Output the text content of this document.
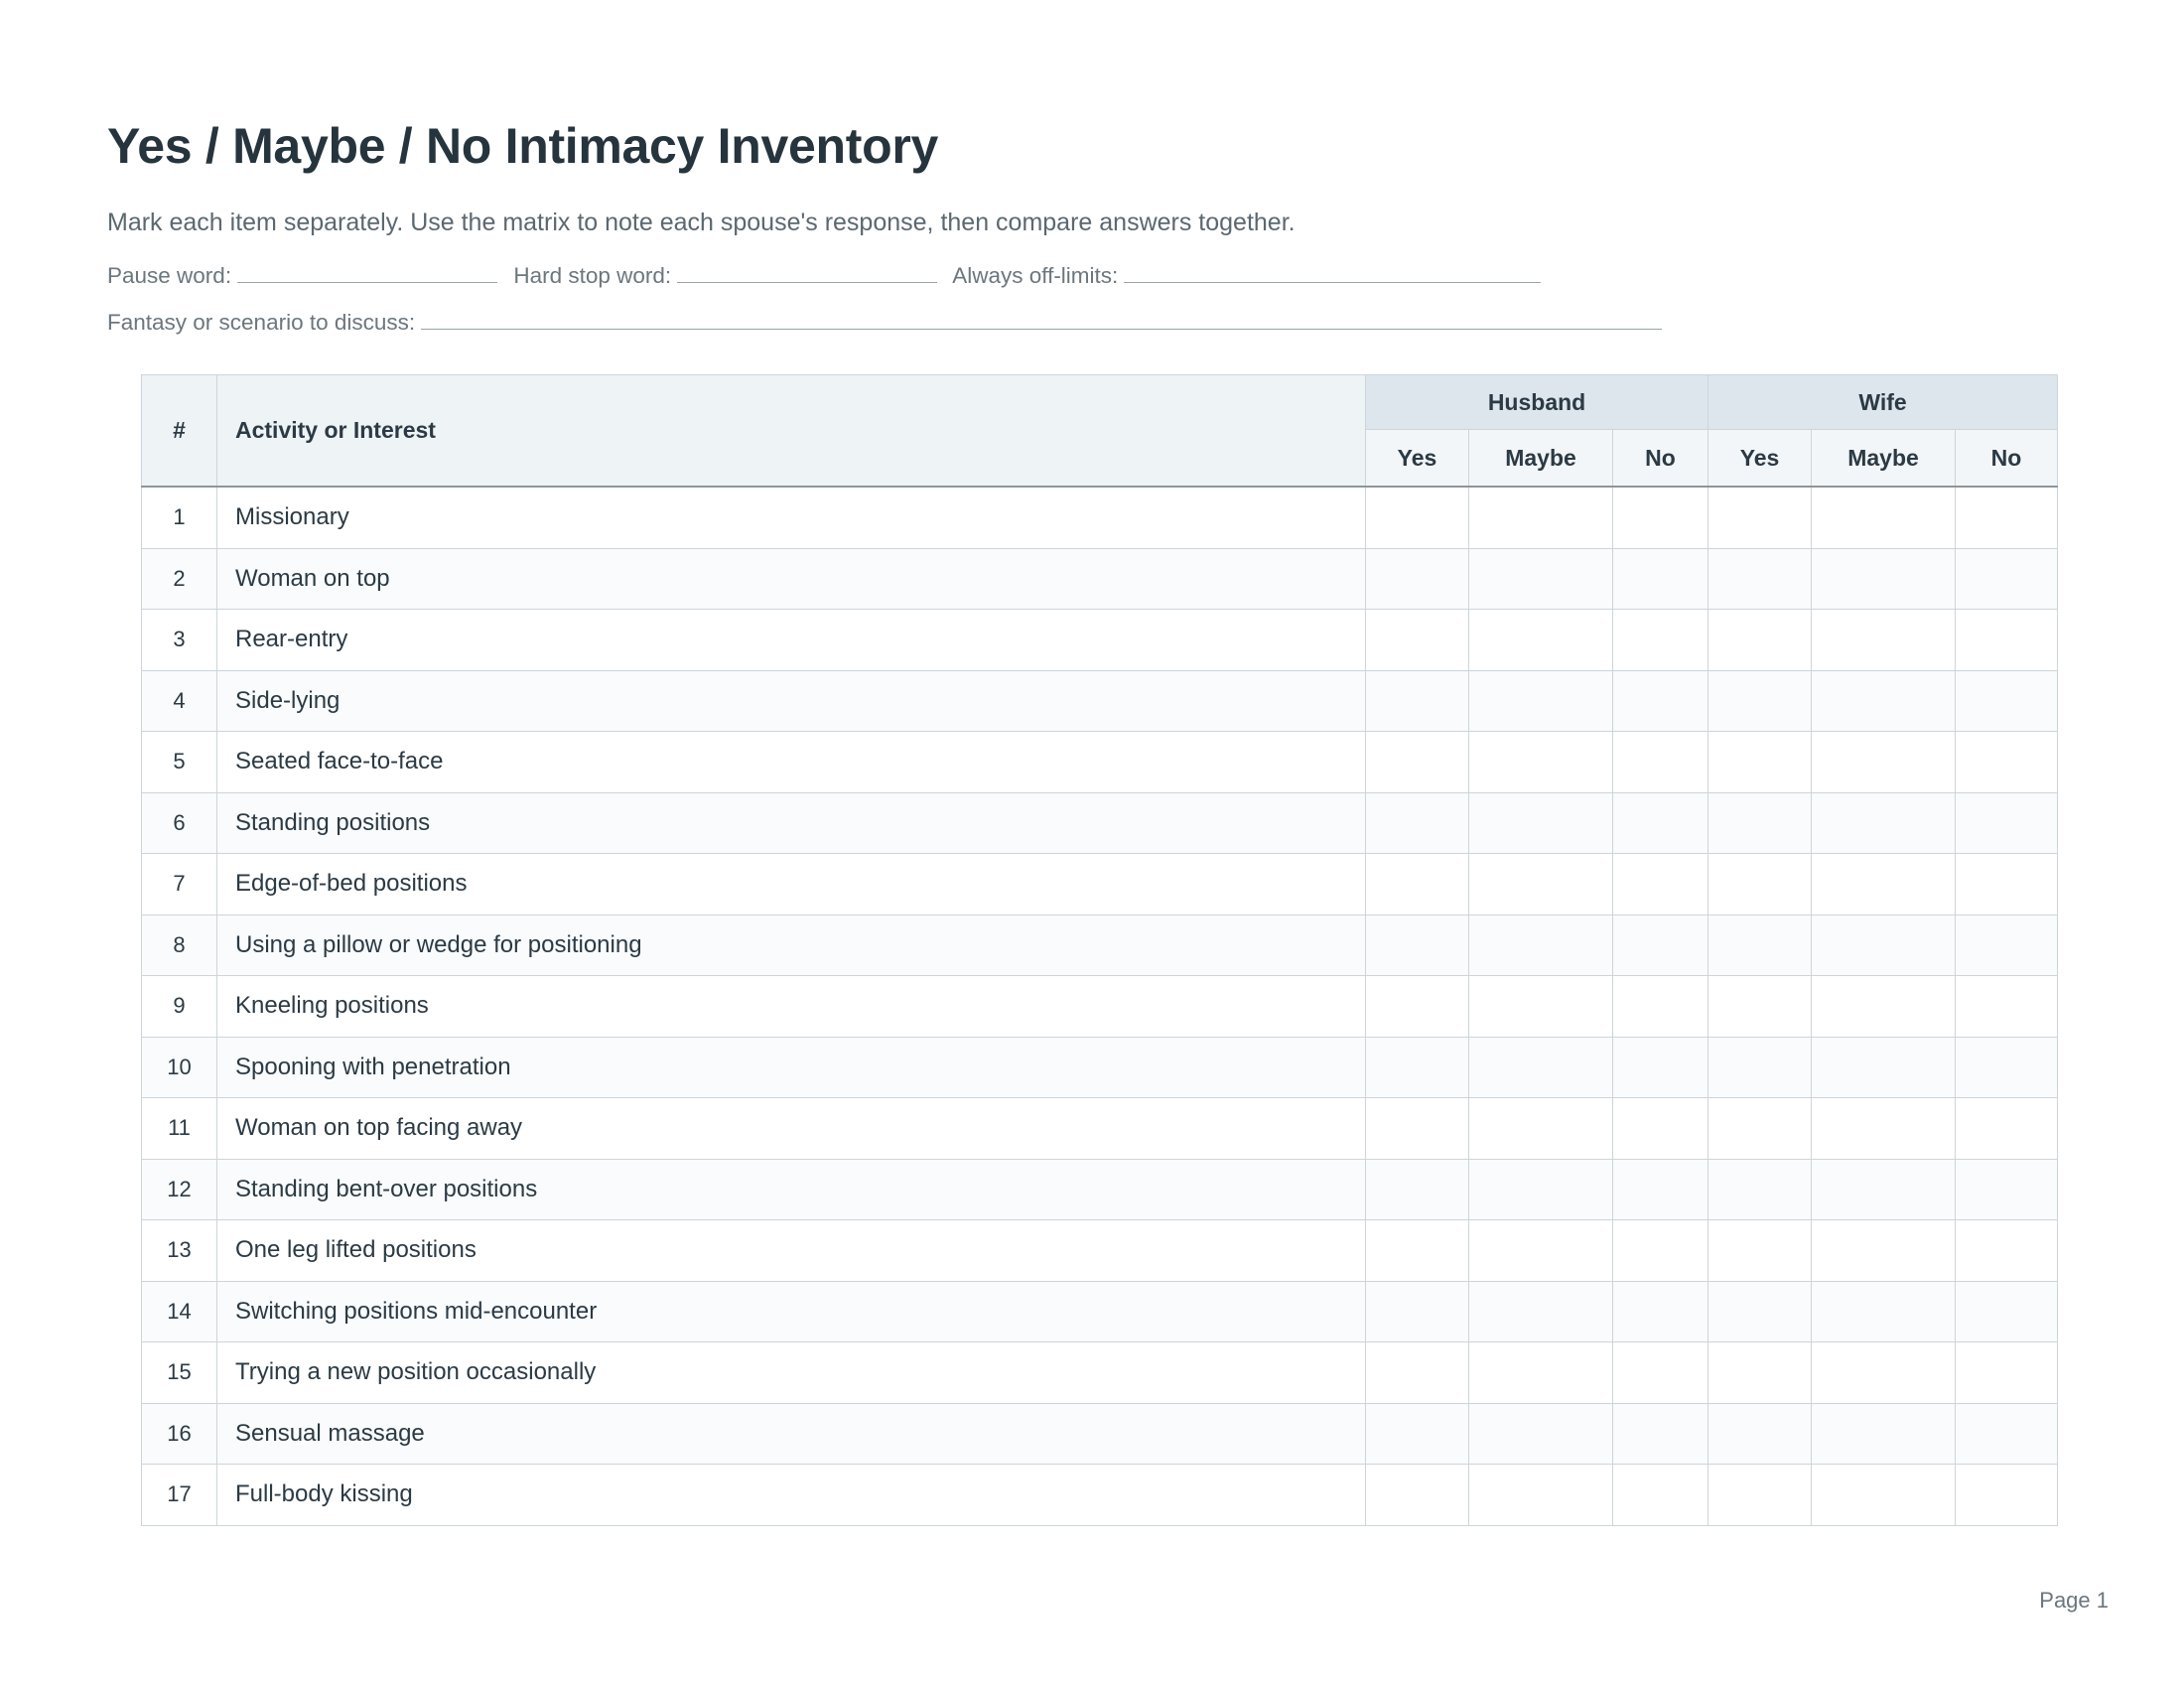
Yes / Maybe / No Intimacy Inventory

Mark each item separately. Use the matrix to note each spouse's response, then compare answers together.

Pause word:	Hard stop word:	Always off-limits:
Fantasy or scenario to discuss:
#	Activity or Interest	Husband			Wife		
		Yes	Maybe	No	Yes	Maybe	No
1	Missionary						
2	Woman on top						
3	Rear-entry						
4	Side-lying						
5	Seated face-to-face						
6	Standing positions						
7	Edge-of-bed positions						
8	Using a pillow or wedge for positioning						
9	Kneeling positions						
10	Spooning with penetration						
11	Woman on top facing away						
12	Standing bent-over positions						
13	One leg lifted positions						
14	Switching positions mid-encounter						
15	Trying a new position occasionally						
16	Sensual massage						
17	Full-body kissing						
Page 1
